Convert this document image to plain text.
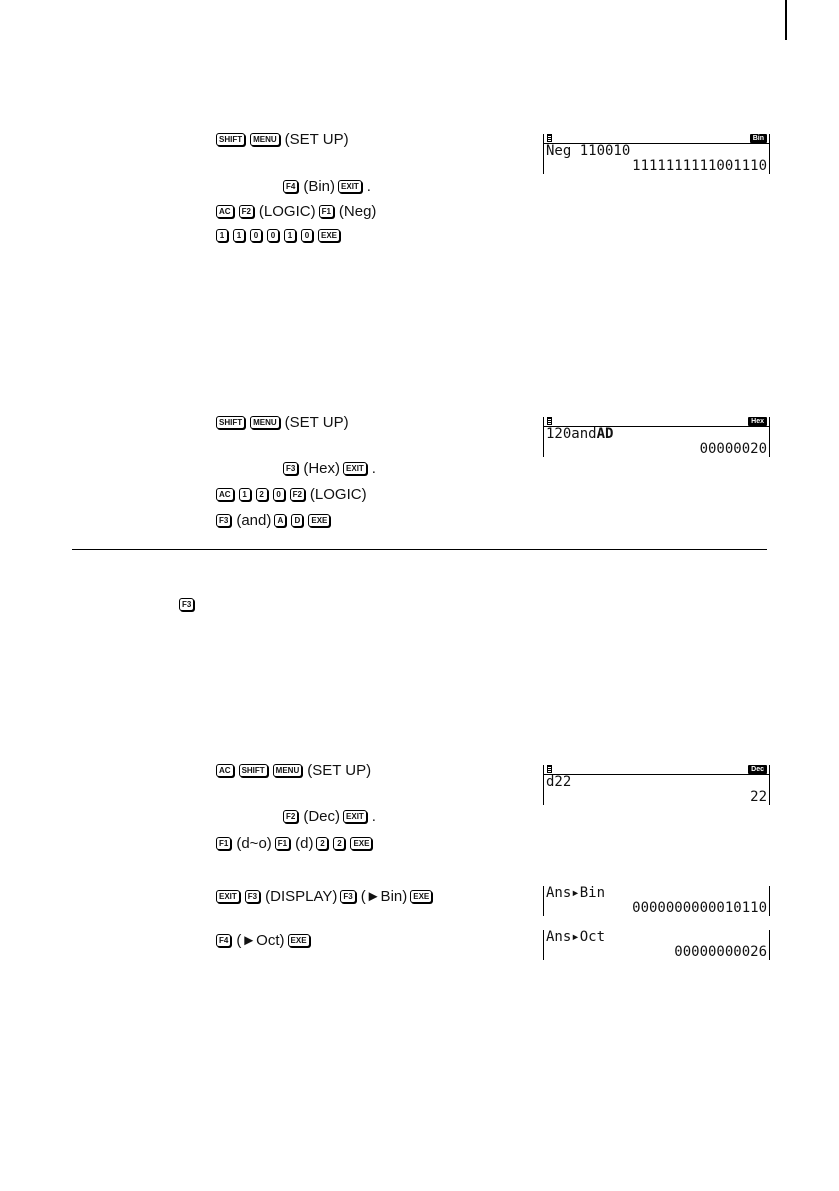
SHIFT	MENU (SET UP)
F4 (Bin) EXIT .
AC	F2 (LOGIC) F1 (Neg)
1	1	0	0	1	0	EXE
Bin
Neg 110010
1111111111001110
SHIFT	MENU (SET UP)
F3 (Hex) EXIT .
AC	1	2	0	F2 (LOGIC)
F3 (and) A	D	EXE
Hex
120andAD
00000020
F3
AC	SHIFT	MENU (SET UP)
F2 (Dec) EXIT .
F1 (d~o) F1 (d) 2	2	EXE
EXIT	F3 (DISPLAY) F3 (►Bin) EXE
F4 (►Oct) EXE
Dec
d22
22
Ans▸Bin
0000000000010110
Ans▸Oct
00000000026
